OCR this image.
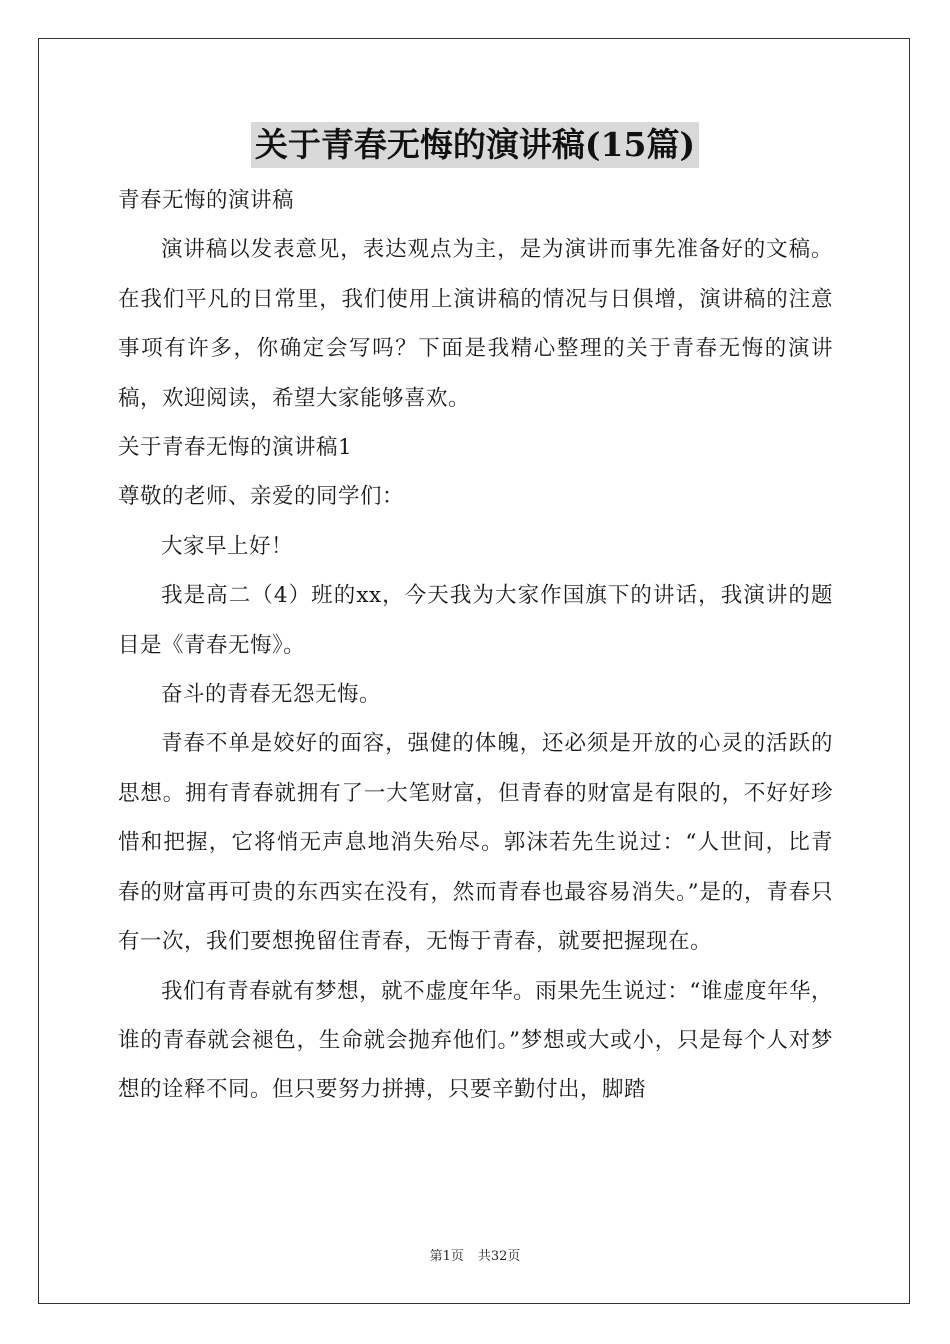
关于青春无悔的演讲稿(15篇)

青春无悔的演讲稿

演讲稿以发表意见，表达观点为主，是为演讲而事先准备好的文稿。在我们平凡的日常里，我们使用上演讲稿的情况与日俱增，演讲稿的注意事项有许多，你确定会写吗？下面是我精心整理的关于青春无悔的演讲稿，欢迎阅读，希望大家能够喜欢。

关于青春无悔的演讲稿1

尊敬的老师、亲爱的同学们：

大家早上好！

我是高二（4）班的xx，今天我为大家作国旗下的讲话，我演讲的题目是《青春无悔》。

奋斗的青春无怨无悔。

青春不单是姣好的面容，强健的体魄，还必须是开放的心灵的活跃的思想。拥有青春就拥有了一大笔财富，但青春的财富是有限的，不好好珍惜和把握，它将悄无声息地消失殆尽。郭沫若先生说过：“人世间，比青春的财富再可贵的东西实在没有，然而青春也最容易消失。”是的，青春只有一次，我们要想挽留住青春，无悔于青春，就要把握现在。

我们有青春就有梦想，就不虚度年华。雨果先生说过：“谁虚度年华，谁的青春就会褪色，生命就会抛弃他们。”梦想或大或小，只是每个人对梦想的诠释不同。但只要努力拼搏，只要辛勤付出，脚踏

第1页 共32页
